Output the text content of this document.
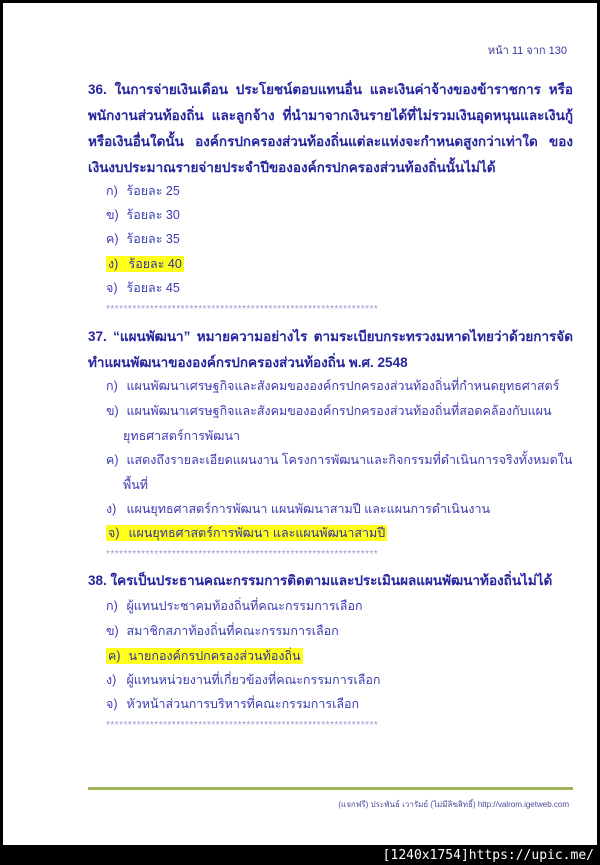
หน้า 11 จาก 130
36. ในการจ่ายเงินเดือน ประโยชน์ตอบแทนอื่น และเงินค่าจ้างของข้าราชการ หรือพนักงานส่วนท้องถิ่น และลูกจ้าง ที่นำมาจากเงินรายได้ที่ไม่รวมเงินอุดหนุนและเงินกู้หรือเงินอื่นใดนั้น องค์กรปกครองส่วนท้องถิ่นแต่ละแห่งจะกำหนดสูงกว่าเท่าใด ของเงินงบประมาณรายจ่ายประจำปีขององค์กรปกครองส่วนท้องถิ่นนั้นไม่ได้
ก) ร้อยละ 25
ข) ร้อยละ 30
ค) ร้อยละ 35
ง) ร้อยละ 40
จ) ร้อยละ 45
**************************************************************
37. “แผนพัฒนา” หมายความอย่างไร ตามระเบียบกระทรวงมหาดไทยว่าด้วยการจัดทำแผนพัฒนาขององค์กรปกครองส่วนท้องถิ่น พ.ศ. 2548
ก) แผนพัฒนาเศรษฐกิจและสังคมขององค์กรปกครองส่วนท้องถิ่นที่กำหนดยุทธศาสตร์
ข) แผนพัฒนาเศรษฐกิจและสังคมขององค์กรปกครองส่วนท้องถิ่นที่สอดคล้องกับแผน
ยุทธศาสตร์การพัฒนา
ค) แสดงถึงรายละเอียดแผนงาน โครงการพัฒนาและกิจกรรมที่ดำเนินการจริงทั้งหมดใน
พื้นที่
ง) แผนยุทธศาสตร์การพัฒนา แผนพัฒนาสามปี และแผนการดำเนินงาน
จ) แผนยุทธศาสตร์การพัฒนา และแผนพัฒนาสามปี
**************************************************************
38. ใครเป็นประธานคณะกรรมการติดตามและประเมินผลแผนพัฒนาท้องถิ่นไม่ได้
ก) ผู้แทนประชาคมท้องถิ่นที่คณะกรรมการเลือก
ข) สมาชิกสภาท้องถิ่นที่คณะกรรมการเลือก
ค) นายกองค์กรปกครองส่วนท้องถิ่น
ง) ผู้แทนหน่วยงานที่เกี่ยวข้องที่คณะกรรมการเลือก
จ) หัวหน้าส่วนการบริหารที่คณะกรรมการเลือก
**************************************************************
(แจกฟรี) ประพันธ์ เวารัมย์ (ไม่มีลิขสิทธิ์) http://valrom.igetweb.com
[1240x1754]https://upic.me/
